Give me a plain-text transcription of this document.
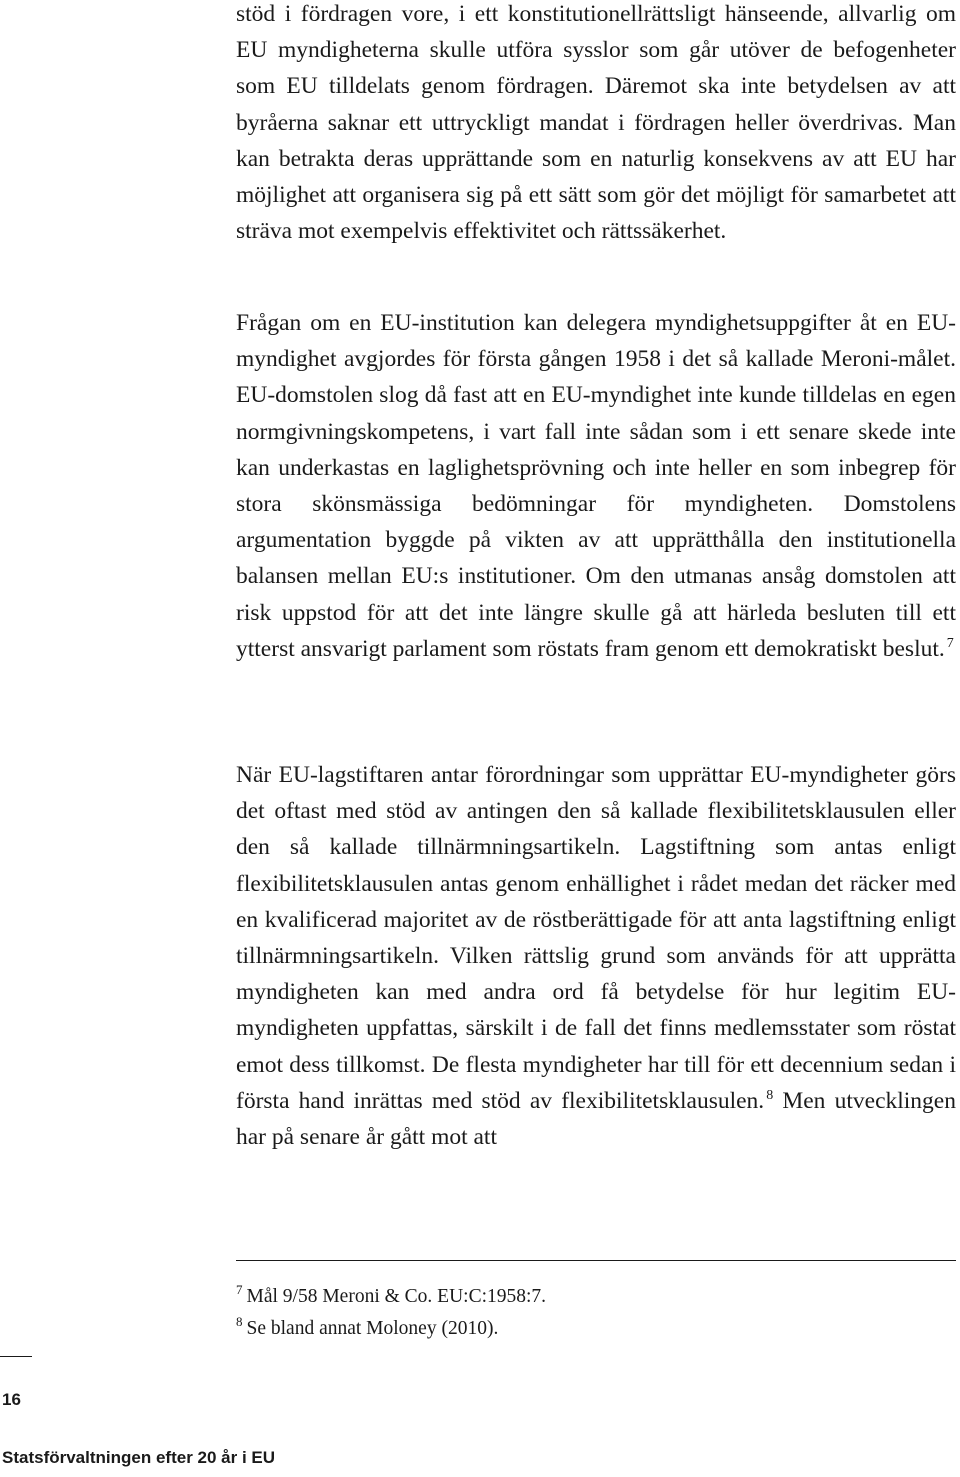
stöd i fördragen vore, i ett konstitutionellrättsligt hänseende, allvarlig om EU myndigheterna skulle utföra sysslor som går utöver de befogenheter som EU tilldelats genom fördragen. Däremot ska inte betydelsen av att byråerna saknar ett uttryckligt mandat i fördragen heller överdrivas. Man kan betrakta deras upprättande som en naturlig konsekvens av att EU har möjlighet att organisera sig på ett sätt som gör det möjligt för samarbetet att sträva mot exempelvis effektivitet och rättssäkerhet.

Frågan om en EU-institution kan delegera myndighetsuppgifter åt en EU-myndighet avgjordes för första gången 1958 i det så kallade Meroni-målet. EU-domstolen slog då fast att en EU-myndighet inte kunde tilldelas en egen normgivningskompetens, i vart fall inte sådan som i ett senare skede inte kan underkastas en laglighetsprövning och inte heller en som inbegrep för stora skönsmässiga bedömningar för myndigheten. Domstolens argumentation byggde på vikten av att upprätthålla den institutionella balansen mellan EU:s institutioner. Om den utmanas ansåg domstolen att risk uppstod för att det inte längre skulle gå att härleda besluten till ett ytterst ansvarigt parlament som röstats fram genom ett demokratiskt beslut. $^7$

När EU-lagstiftaren antar förordningar som upprättar EU-myndigheter görs det oftast med stöd av antingen den så kallade flexibilitetsklausulen eller den så kallade tillnärmningsartikeln. Lagstiftning som antas enligt flexibilitetsklausulen antas genom enhällighet i rådet medan det räcker med en kvalificerad majoritet av de röstberättigade för att anta lagstiftning enligt tillnärmningsartikeln. Vilken rättslig grund som används för att upprätta myndigheten kan med andra ord få betydelse för hur legitim EU-myndigheten uppfattas, särskilt i de fall det finns medlemsstater som röstat emot dess tillkomst. De flesta myndigheter har till för ett decennium sedan i första hand inrättas med stöd av flexibilitetsklausulen. $^8$ Men utvecklingen har på senare år gått mot att

$^7$ Mål 9/58 Meroni & Co. EU:C:1958:7.
$^8$ Se bland annat Moloney (2010).
16
Statsförvaltningen efter 20 år i EU
